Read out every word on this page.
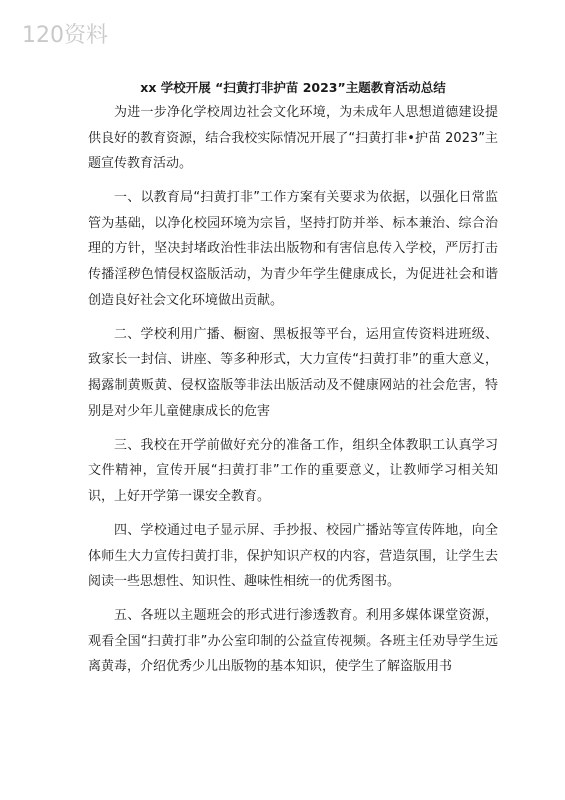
120资料
xx 学校开展 “扫黄打非护苗 2023”主题教育活动总结

为进一步净化学校周边社会文化环境，为未成年人思想道德建设提供良好的教育资源，结合我校实际情况开展了“扫黄打非•护苗 2023”主题宣传教育活动。

一、以教育局“扫黄打非”工作方案有关要求为依据，以强化日常监管为基础，以净化校园环境为宗旨，坚持打防并举、标本兼治、综合治理的方针，坚决封堵政治性非法出版物和有害信息传入学校，严厉打击传播淫秽色情侵权盗版活动，为青少年学生健康成长，为促进社会和谐创造良好社会文化环境做出贡献。

二、学校利用广播、橱窗、黑板报等平台，运用宣传资料进班级、致家长一封信、讲座、等多种形式，大力宣传“扫黄打非”的重大意义，揭露制黄贩黄、侵权盗版等非法出版活动及不健康网站的社会危害，特别是对少年儿童健康成长的危害

三、我校在开学前做好充分的准备工作，组织全体教职工认真学习文件精神，宣传开展“扫黄打非”工作的重要意义，让教师学习相关知识，上好开学第一课安全教育。

四、学校通过电子显示屏、手抄报、校园广播站等宣传阵地，向全体师生大力宣传扫黄打非，保护知识产权的内容，营造氛围，让学生去阅读一些思想性、知识性、趣味性相统一的优秀图书。

五、各班以主题班会的形式进行渗透教育。利用多媒体课堂资源，观看全国“扫黄打非”办公室印制的公益宣传视频。各班主任劝导学生远离黄毒，介绍优秀少儿出版物的基本知识，使学生了解盗版用书
